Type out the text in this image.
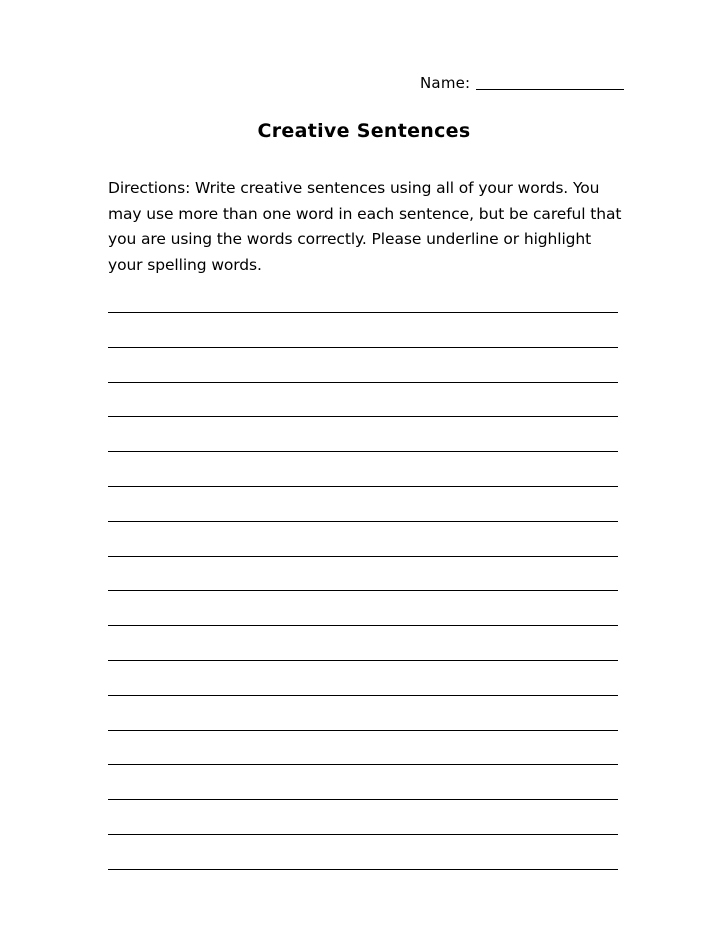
Name:
Creative Sentences
Directions: Write creative sentences using all of your words. You may use more than one word in each sentence, but be careful that you are using the words correctly. Please underline or highlight your spelling words.
